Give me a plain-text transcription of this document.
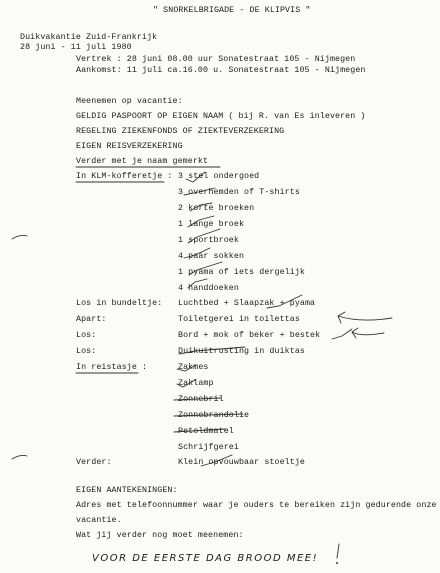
" SNORKELBRIGADE - DE KLIPVIS "
Duikvakantie Zuid-Frankrijk
28 juni - 11 juli 1980
Vertrek : 28 juni 08.00 uur Sonatestraat 105 - Nijmegen
Aankomst: 11 juli ca.16.00 u. Sonatestraat 105 - Nijmegen
Meenemen op vacantie:
GELDIG PASPOORT OP EIGEN NAAM ( bij R. van Es inleveren )
REGELING ZIEKENFONDS OF ZIEKTEVERZEKERING
EIGEN REISVERZEKERING
Verder met je naam gemerkt
In KLM-kofferetje : 3 stel ondergoed
3 overhemden of T-shirts
2 korte broeken
1 lange broek
1 sportbroek
4 paar sokken
1 pyama of iets dergelijk
4 handdoeken
Los in bundeltje: Luchtbed + Slaapzak + pyama
Apart:	Toiletgerei in toilettas
Los:	Bord + mok of beker + bestek
Los:	Duikuitrusting in duiktas
In reistasje :	Zakmes
Zaklamp
Zonnebril
Zonnebrandolie
Petoldmatel
Schrijfgerei
Verder:	Klein opvouwbaar stoeltje
EIGEN AANTEKENINGEN:
Adres met telefoonnummer waar je ouders te bereiken zijn gedurende onze
vacantie.
Wat jij verder nog moet meenemen:
VOOR DE EERSTE DAG BROOD MEE!
